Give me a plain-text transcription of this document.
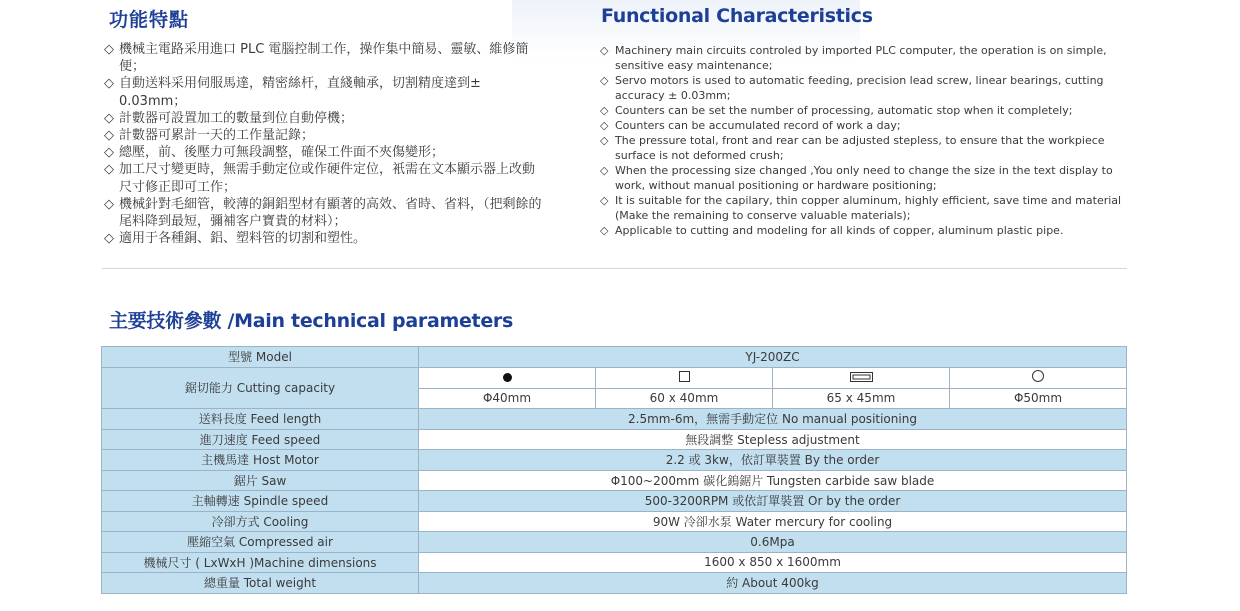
功能特點	Functional Characteristics
◇ 機械主電路采用進口 PLC 電腦控制工作，操作集中簡易、靈敏、維修簡便；
◇ 自動送料采用伺服馬達，精密絲杆，直綫軸承，切割精度達到± 0.03mm；
◇ 計數器可設置加工的數量到位自動停機；
◇ 計數器可累計一天的工作量記錄；
◇ 總壓，前、後壓力可無段調整，確保工件面不夾傷變形；
◇ 加工尺寸變更時，無需手動定位或作硬件定位，衹需在文本顯示器上改動尺寸修正即可工作；
◇ 機械針對毛細管，較薄的銅鋁型材有顯著的高效、省時、省料，（把剩餘的尾料降到最短，彌補客户寶貴的材料）；
◇ 適用于各種銅、鋁、塑料管的切割和塑性。
◇ Machinery main circuits controled by imported PLC computer, the operation is on simple, sensitive easy maintenance;
◇ Servo motors is used to automatic feeding, precision lead screw, linear bearings, cutting accuracy ± 0.03mm;
◇ Counters can be set the number of processing, automatic stop when it completely;
◇ Counters can be accumulated record of work a day;
◇ The pressure total, front and rear can be adjusted stepless, to ensure that the workpiece surface is not deformed crush;
◇ When the processing size changed ,You only need to change the size in the text display to work, without manual positioning or hardware positioning;
◇ It is suitable for the capilary, thin copper aluminum, highly efficient, save time and material (Make the remaining to conserve valuable materials);
◇ Applicable to cutting and modeling for all kinds of copper, aluminum plastic pipe.
主要技術參數 /Main technical parameters
型號 Model	YJ-200ZC			
鋸切能力 Cutting capacity				
	Φ40mm	60 x 40mm	65 x 45mm	Φ50mm
送料長度 Feed length	2.5mm-6m，無需手動定位 No manual positioning			
進刀速度 Feed speed	無段調整 Stepless adjustment			
主機馬達 Host Motor	2.2 或 3kw，依訂單裝置 By the order			
鋸片 Saw	Φ100~200mm 碳化鎢鋸片 Tungsten carbide saw blade			
主軸轉速 Spindle speed	500-3200RPM 或依訂單裝置 Or by the order			
冷卻方式 Cooling	90W 冷卻水泵 Water mercury for cooling			
壓縮空氣 Compressed air	0.6Mpa			
機械尺寸 ( LxWxH )Machine dimensions	1600 x 850 x 1600mm			
總重量 Total weight	約 About 400kg			
